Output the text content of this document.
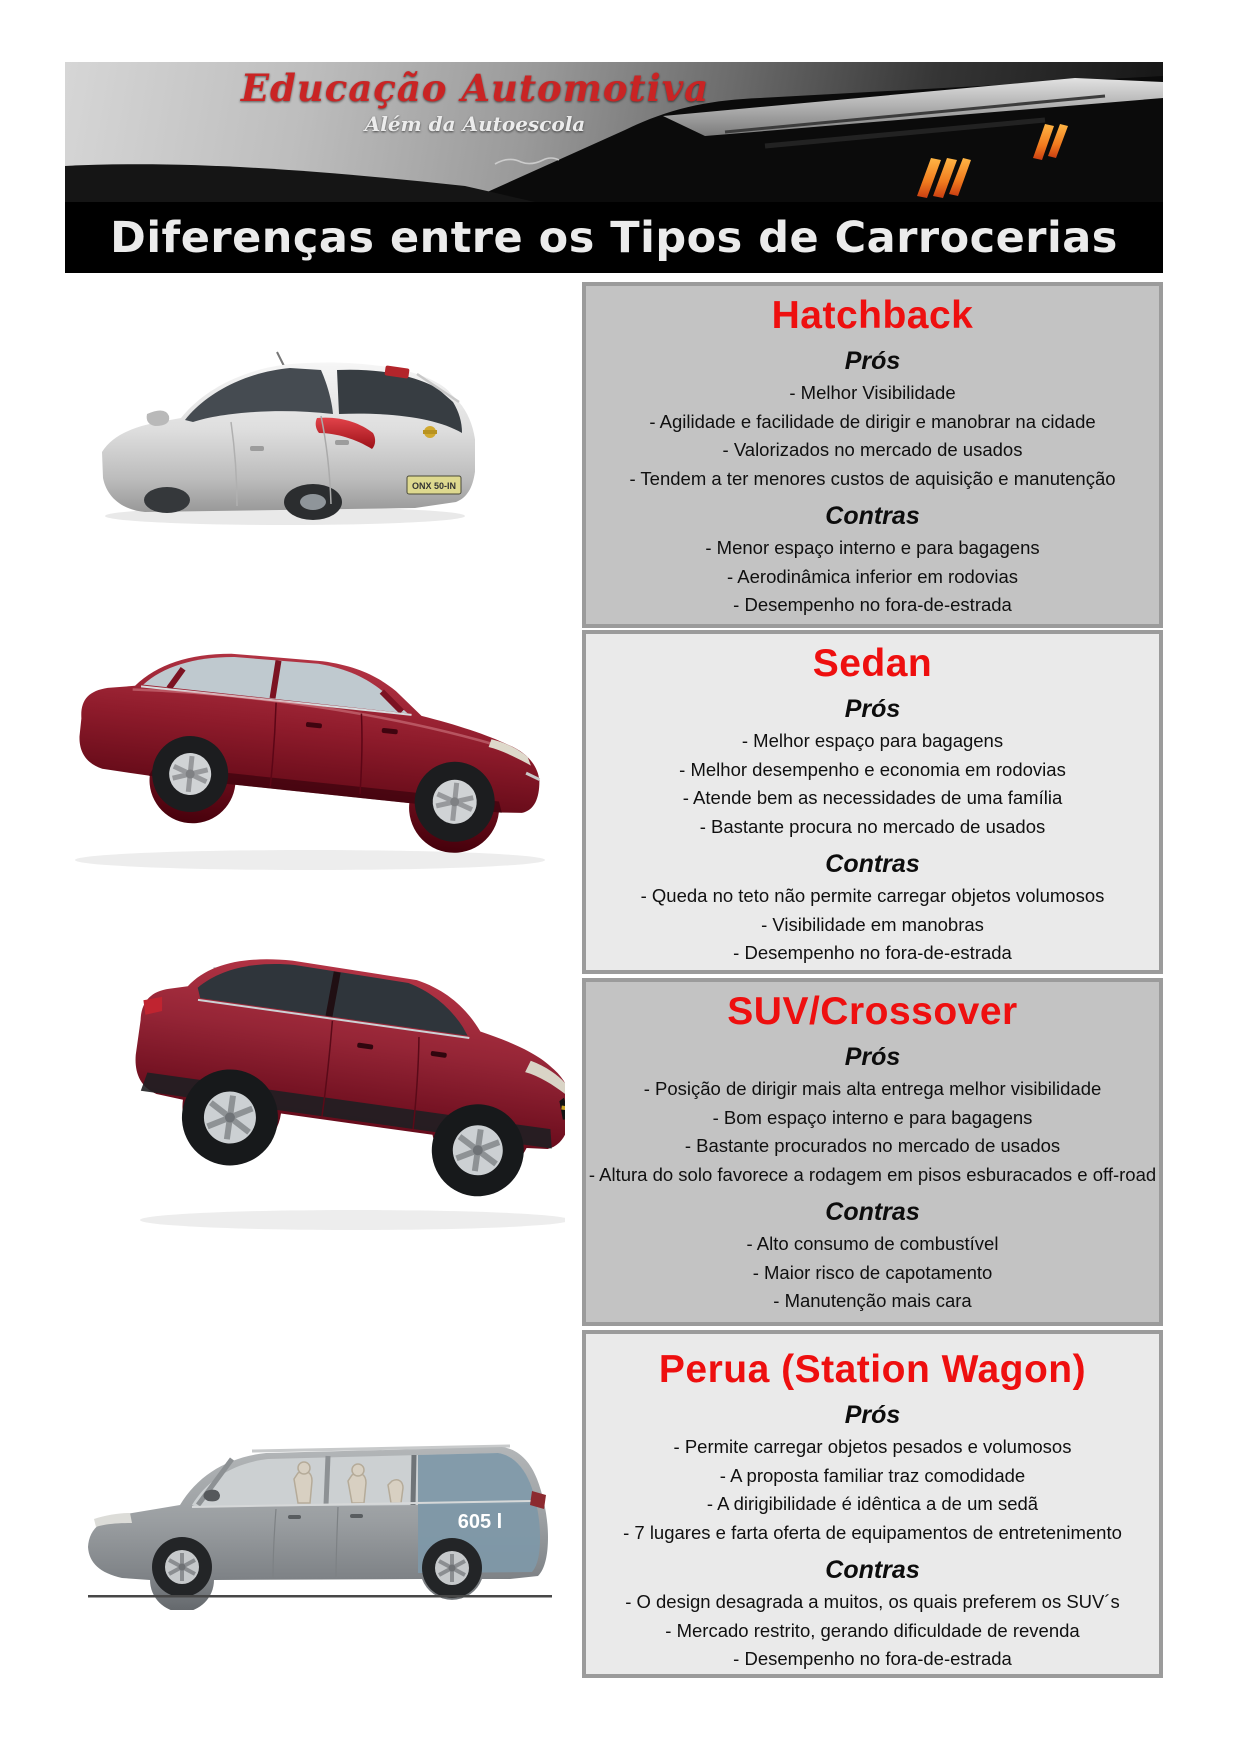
Educação Automotiva
Além da Autoescola
Diferenças entre os Tipos de Carrocerias
ONX 50-IN
605 l
Hatchback
Prós
- Melhor Visibilidade
- Agilidade e facilidade de dirigir e manobrar na cidade
- Valorizados no mercado de usados
- Tendem a ter menores custos de aquisição e manutenção
Contras
- Menor espaço interno e para bagagens
- Aerodinâmica inferior em rodovias
- Desempenho no fora-de-estrada
Sedan
Prós
- Melhor espaço para bagagens
- Melhor desempenho e economia em rodovias
- Atende bem as necessidades de uma família
- Bastante procura no mercado de usados
Contras
- Queda no teto não permite carregar objetos volumosos
- Visibilidade em manobras
- Desempenho no fora-de-estrada
SUV/Crossover
Prós
- Posição de dirigir mais alta entrega melhor visibilidade
- Bom espaço interno e para bagagens
- Bastante procurados no mercado de usados
- Altura do solo favorece a rodagem em pisos esburacados e off-road
Contras
- Alto consumo de combustível
- Maior risco de capotamento
- Manutenção mais cara
Perua (Station Wagon)
Prós
- Permite carregar objetos pesados e volumosos
- A proposta familiar traz comodidade
- A dirigibilidade é idêntica a de um sedã
- 7 lugares e farta oferta de equipamentos de entretenimento
Contras
- O design desagrada a muitos, os quais preferem os SUV´s
- Mercado restrito, gerando dificuldade de revenda
- Desempenho no fora-de-estrada
